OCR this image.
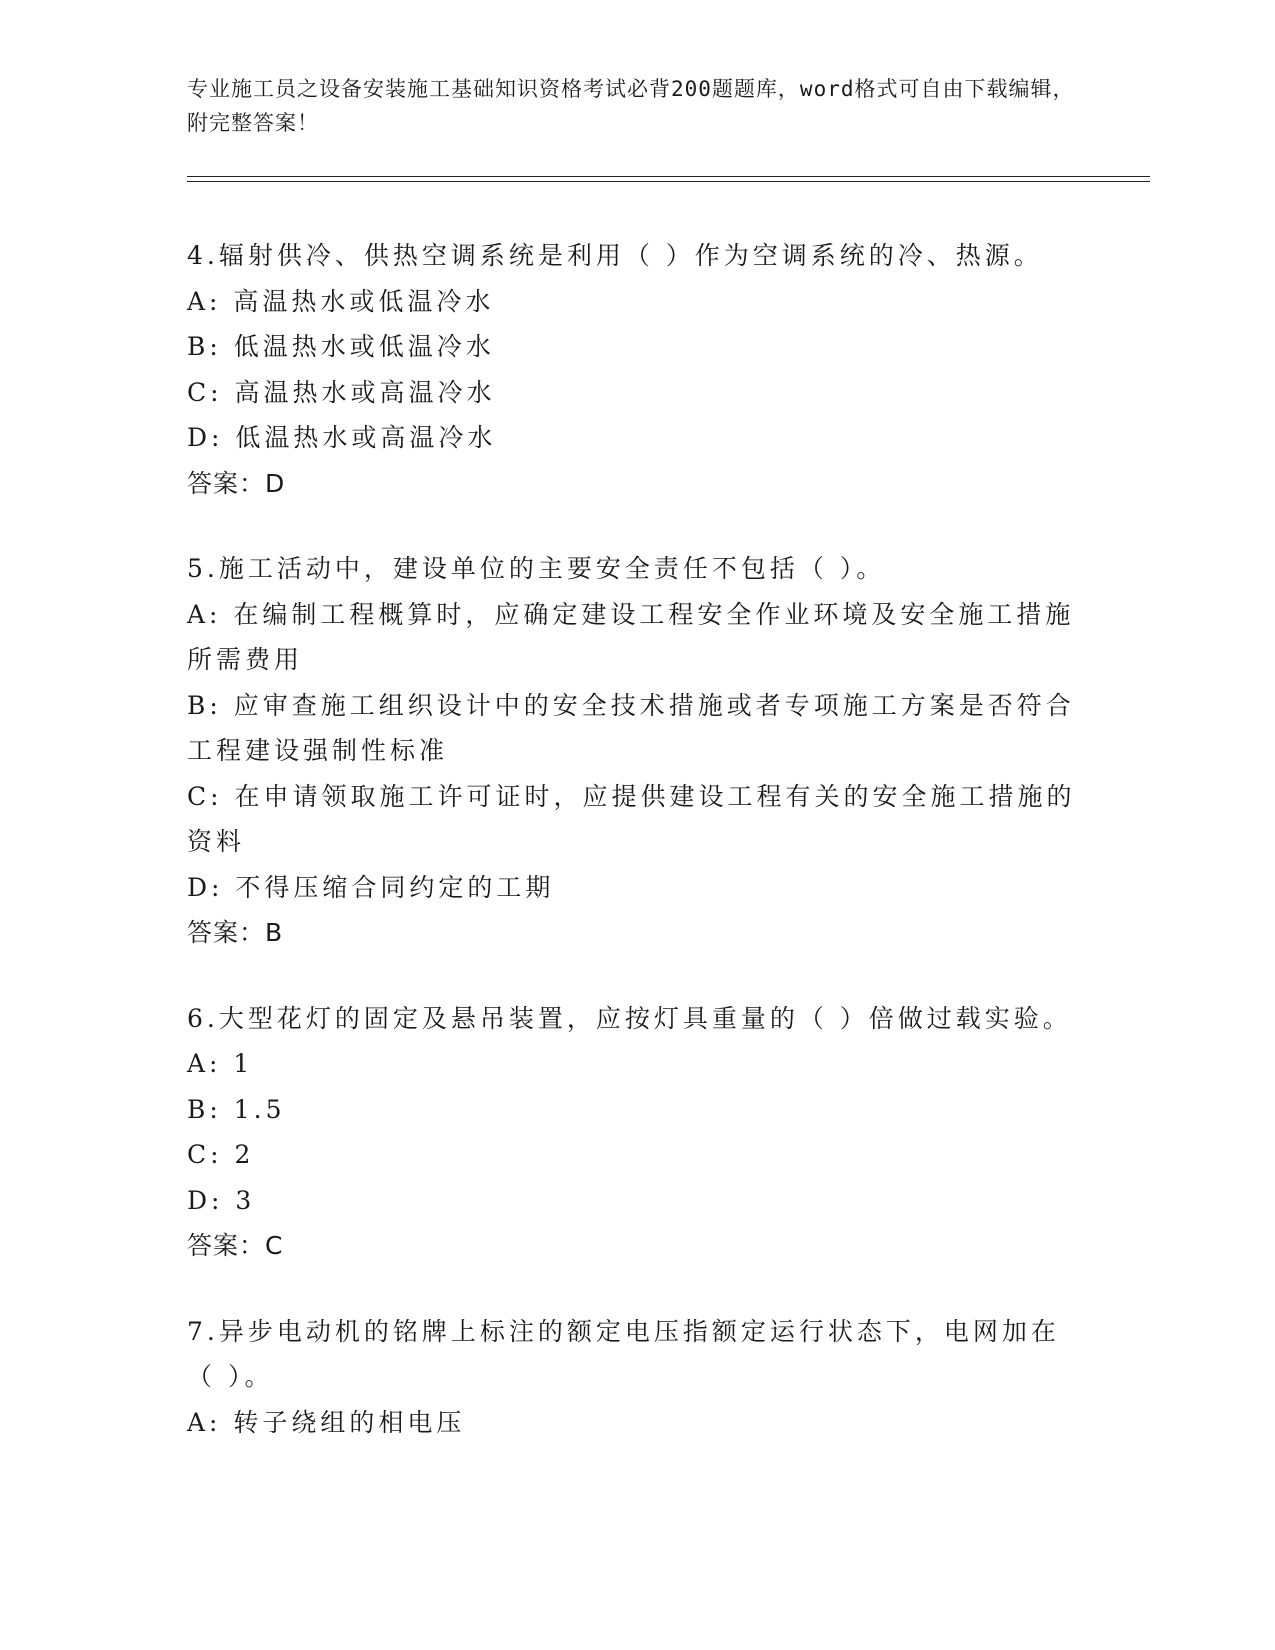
专业施工员之设备安装施工基础知识资格考试必背200题题库，word格式可自由下载编辑，附完整答案！
4.辐射供冷、供热空调系统是利用（ ）作为空调系统的冷、热源。
A: 高温热水或低温冷水
B: 低温热水或低温冷水
C: 高温热水或高温冷水
D: 低温热水或高温冷水
答案：D
5.施工活动中，建设单位的主要安全责任不包括（ ）。
A: 在编制工程概算时，应确定建设工程安全作业环境及安全施工措施所需费用
B: 应审查施工组织设计中的安全技术措施或者专项施工方案是否符合工程建设强制性标准
C: 在申请领取施工许可证时，应提供建设工程有关的安全施工措施的资料
D: 不得压缩合同约定的工期
答案：B
6.大型花灯的固定及悬吊装置，应按灯具重量的（ ）倍做过载实验。
A: 1
B: 1.5
C: 2
D: 3
答案：C
7.异步电动机的铭牌上标注的额定电压指额定运行状态下，电网加在（ ）。
A: 转子绕组的相电压
